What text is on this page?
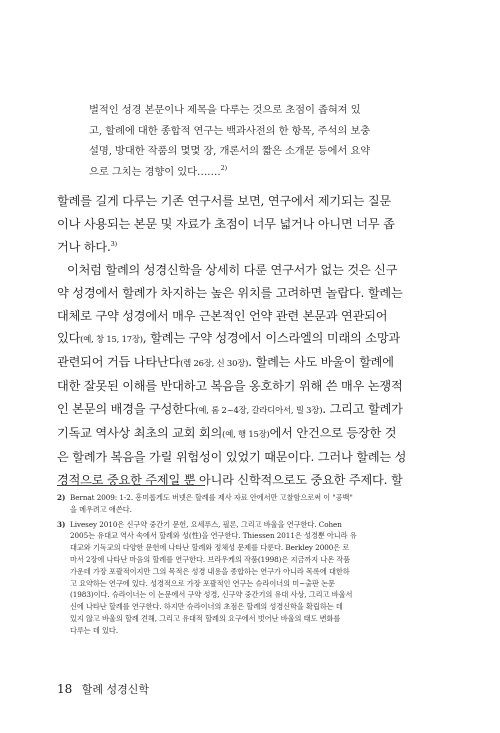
벌적인 성경 본문이나 제목을 다루는 것으로 초점이 좁혀져 있
고, 할례에 대한 종합적 연구는 백과사전의 한 항목, 주석의 보충
설명, 방대한 작품의 몇몇 장, 개론서의 짧은 소개문 등에서 요약
으로 그치는 경향이 있다…….$^{2)}$
할례를 길게 다루는 기존 연구서를 보면, 연구에서 제기되는 질문
이나 사용되는 본문 및 자료가 초점이 너무 넓거나 아니면 너무 좁
거나 하다.$^{3)}$
이처럼 할례의 성경신학을 상세히 다룬 연구서가 없는 것은 신구
약 성경에서 할례가 차지하는 높은 위치를 고려하면 놀랍다. 할례는
대체로 구약 성경에서 매우 근본적인 언약 관련 본문과 연관되어
있다(예, 창 15, 17장), 할례는 구약 성경에서 이스라엘의 미래의 소망과
관련되어 거듭 나타난다(렘 26장, 신 30장). 할례는 사도 바울이 할례에
대한 잘못된 이해를 반대하고 복음을 옹호하기 위해 쓴 매우 논쟁적
인 본문의 배경을 구성한다(예, 롬 2~4장, 갈라디아서, 빌 3장). 그리고 할례가
기독교 역사상 최초의 교회 회의(예, 행 15장)에서 안건으로 등장한 것
은 할례가 복음을 가릴 위험성이 있었기 때문이다. 그러나 할례는 성
경적으로 중요한 주제일 뿐 아니라 신학적으로도 중요한 주제다. 할
2) Bernat 2009: 1-2. 흥미롭게도 버넷은 할례를 제사 자료 안에서만 고찰함으로써 이 "공백"
을 메우려고 애쓴다.
3) Livesey 2010은 신구약 중간기 문헌, 요세푸스, 필론, 그리고 바울을 연구한다. Cohen
2005는 유대교 역사 속에서 할례와 성(性)을 연구한다. Thiessen 2011은 성경뿐 아니라 유
대교와 기독교의 다양한 문헌에 나타난 할례와 정체성 문제를 다룬다. Berkley 2000은 로
마서 2장에 나타난 마음의 할례를 연구한다. 브라우케의 작품(1998)은 지금까지 나온 작품
가운데 가장 포괄적이지만 그의 목적은 성경 내용을 종합하는 연구가 아니라 목록에 대한하
고 요약하는 연구에 있다. 성경적으로 가장 포괄적인 연구는 슈라이너의 미~출판 논문
(1983)이다. 슈라이너는 이 논문에서 구약 성경, 신구약 중간기의 유대 사상, 그리고 바울서
신에 나타난 할례를 연구한다. 하지만 슈라이너의 초점은 할례의 성경신학을 확립하는 데
있지 않고 바울의 할례 견해, 그리고 유대적 할례의 요구에서 벗어난 바울의 태도 변화를
다루는 데 있다.
18 할례 성경신학
